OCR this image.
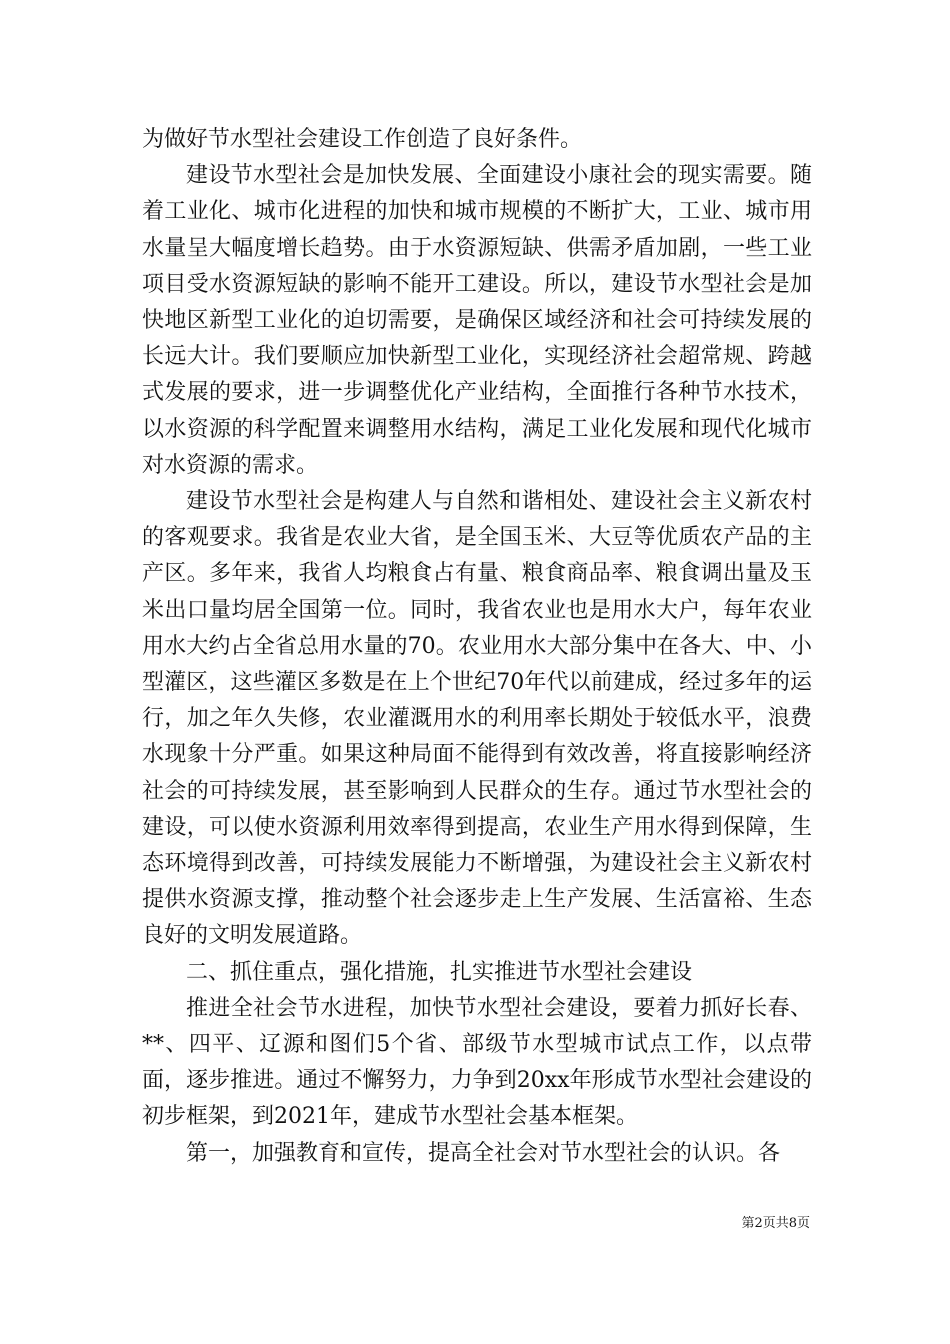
为做好节水型社会建设工作创造了良好条件。

建设节水型社会是加快发展、全面建设小康社会的现实需要。随着工业化、城市化进程的加快和城市规模的不断扩大，工业、城市用水量呈大幅度增长趋势。由于水资源短缺、供需矛盾加剧，一些工业项目受水资源短缺的影响不能开工建设。所以，建设节水型社会是加快地区新型工业化的迫切需要，是确保区域经济和社会可持续发展的长远大计。我们要顺应加快新型工业化，实现经济社会超常规、跨越式发展的要求，进一步调整优化产业结构，全面推行各种节水技术，以水资源的科学配置来调整用水结构，满足工业化发展和现代化城市对水资源的需求。

建设节水型社会是构建人与自然和谐相处、建设社会主义新农村的客观要求。我省是农业大省，是全国玉米、大豆等优质农产品的主产区。多年来，我省人均粮食占有量、粮食商品率、粮食调出量及玉米出口量均居全国第一位。同时，我省农业也是用水大户，每年农业用水大约占全省总用水量的70。农业用水大部分集中在各大、中、小型灌区，这些灌区多数是在上个世纪70年代以前建成，经过多年的运行，加之年久失修，农业灌溉用水的利用率长期处于较低水平，浪费水现象十分严重。如果这种局面不能得到有效改善，将直接影响经济社会的可持续发展，甚至影响到人民群众的生存。通过节水型社会的建设，可以使水资源利用效率得到提高，农业生产用水得到保障，生态环境得到改善，可持续发展能力不断增强，为建设社会主义新农村提供水资源支撑，推动整个社会逐步走上生产发展、生活富裕、生态良好的文明发展道路。

二、抓住重点，强化措施，扎实推进节水型社会建设

推进全社会节水进程，加快节水型社会建设，要着力抓好长春、**、四平、辽源和图们5个省、部级节水型城市试点工作，以点带面，逐步推进。通过不懈努力，力争到20xx年形成节水型社会建设的初步框架，到2021年，建成节水型社会基本框架。

第一，加强教育和宣传，提高全社会对节水型社会的认识。各

第2页共8页
